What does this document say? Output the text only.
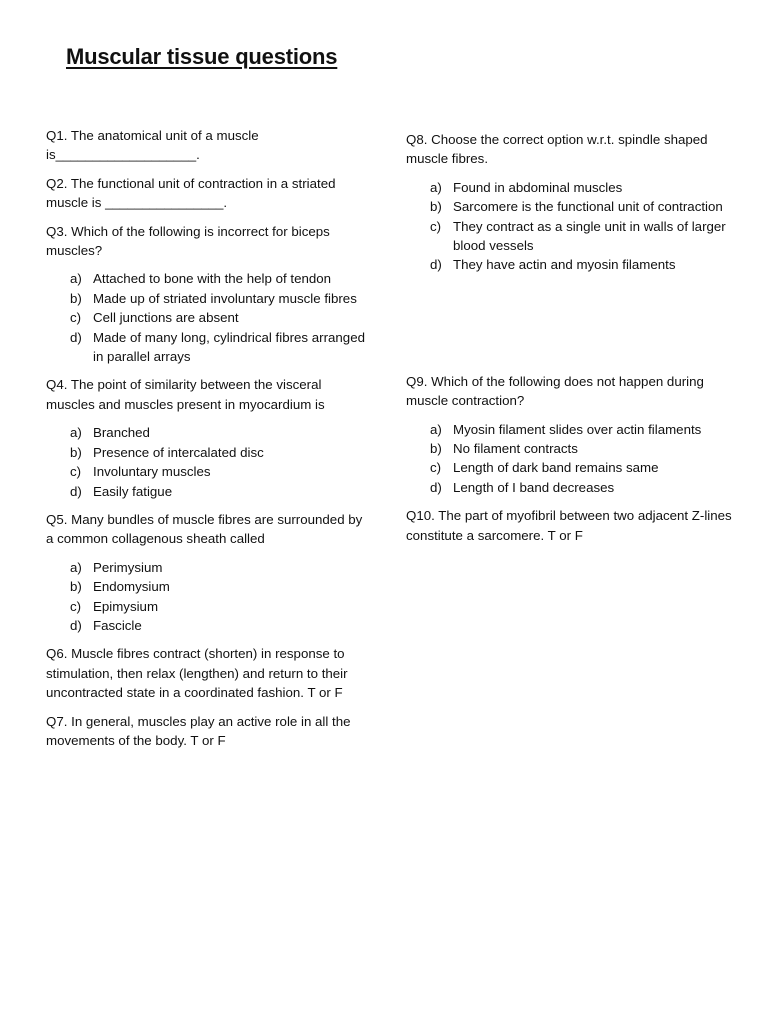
Muscular tissue questions

Q1. The anatomical unit of a muscle is___________________.

Q2. The functional unit of contraction in a striated muscle is ________________.

Q3. Which of the following is incorrect for biceps muscles?

a) Attached to bone with the help of tendon
b) Made up of striated involuntary muscle fibres
c) Cell junctions are absent
d) Made of many long, cylindrical fibres arranged in parallel arrays

Q4. The point of similarity between the visceral muscles and muscles present in myocardium is

a) Branched
b) Presence of intercalated disc
c) Involuntary muscles
d) Easily fatigue

Q5. Many bundles of muscle fibres are surrounded by a common collagenous sheath called

a) Perimysium
b) Endomysium
c) Epimysium
d) Fascicle

Q6. Muscle fibres contract (shorten) in response to stimulation, then relax (lengthen) and return to their uncontracted state in a coordinated fashion. T or F

Q7. In general, muscles play an active role in all the movements of the body. T or F

Q8. Choose the correct option w.r.t. spindle shaped muscle fibres.

a) Found in abdominal muscles
b) Sarcomere is the functional unit of contraction
c) They contract as a single unit in walls of larger blood vessels
d) They have actin and myosin filaments

Q9. Which of the following does not happen during muscle contraction?

a) Myosin filament slides over actin filaments
b) No filament contracts
c) Length of dark band remains same
d) Length of I band decreases

Q10. The part of myofibril between two adjacent Z-lines constitute a sarcomere. T or F
